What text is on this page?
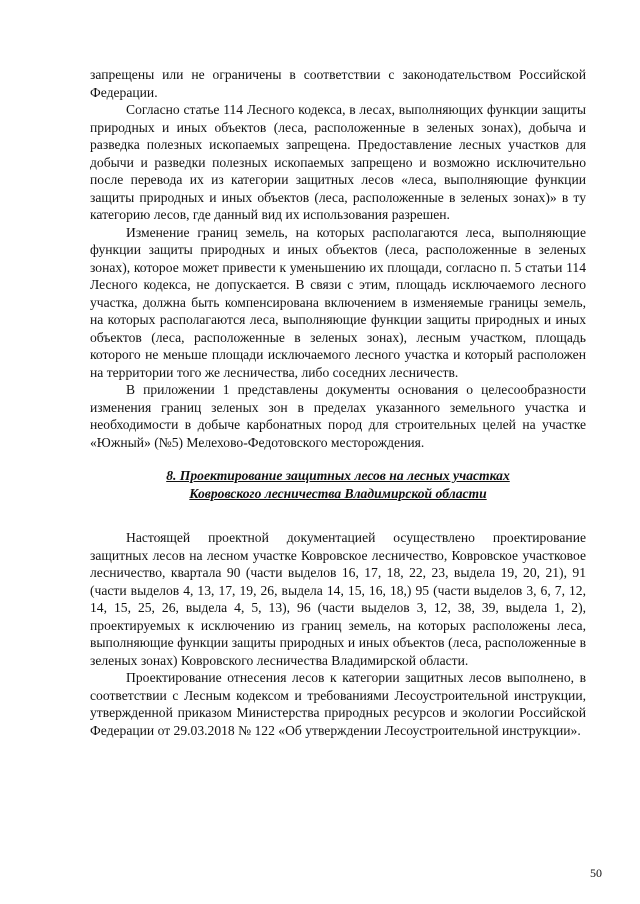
запрещены или не ограничены в соответствии с законодательством Российской Федерации.

Согласно статье 114 Лесного кодекса, в лесах, выполняющих функции защиты природных и иных объектов (леса, расположенные в зеленых зонах), добыча и разведка полезных ископаемых запрещена. Предоставление лесных участков для добычи и разведки полезных ископаемых запрещено и возможно исключительно после перевода их из категории защитных лесов «леса, выполняющие функции защиты природных и иных объектов (леса, расположенные в зеленых зонах)» в ту категорию лесов, где данный вид их использования разрешен.

Изменение границ земель, на которых располагаются леса, выполняющие функции защиты природных и иных объектов (леса, расположенные в зеленых зонах), которое может привести к уменьшению их площади, согласно п. 5 статьи 114 Лесного кодекса, не допускается. В связи с этим, площадь исключаемого лесного участка, должна быть компенсирована включением в изменяемые границы земель, на которых располагаются леса, выполняющие функции защиты природных и иных объектов (леса, расположенные в зеленых зонах), лесным участком, площадь которого не меньше площади исключаемого лесного участка и который расположен на территории того же лесничества, либо соседних лесничеств.

В приложении 1 представлены документы основания о целесообразности изменения границ зеленых зон в пределах указанного земельного участка и необходимости в добыче карбонатных пород для строительных целей на участке «Южный» (№5) Мелехово-Федотовского месторождения.

8. Проектирование защитных лесов на лесных участках
Ковровского лесничества Владимирской области

Настоящей проектной документацией осуществлено проектирование защитных лесов на лесном участке Ковровское лесничество, Ковровское участковое лесничество, квартала 90 (части выделов 16, 17, 18, 22, 23, выдела 19, 20, 21), 91 (части выделов 4, 13, 17, 19, 26, выдела 14, 15, 16, 18,) 95 (части выделов 3, 6, 7, 12, 14, 15, 25, 26, выдела 4, 5, 13), 96 (части выделов 3, 12, 38, 39, выдела 1, 2), проектируемых к исключению из границ земель, на которых расположены леса, выполняющие функции защиты природных и иных объектов (леса, расположенные в зеленых зонах) Ковровского лесничества Владимирской области.

Проектирование отнесения лесов к категории защитных лесов выполнено, в соответствии с Лесным кодексом и требованиями Лесоустроительной инструкции, утвержденной приказом Министерства природных ресурсов и экологии Российской Федерации от 29.03.2018 № 122 «Об утверждении Лесоустроительной инструкции».

50
